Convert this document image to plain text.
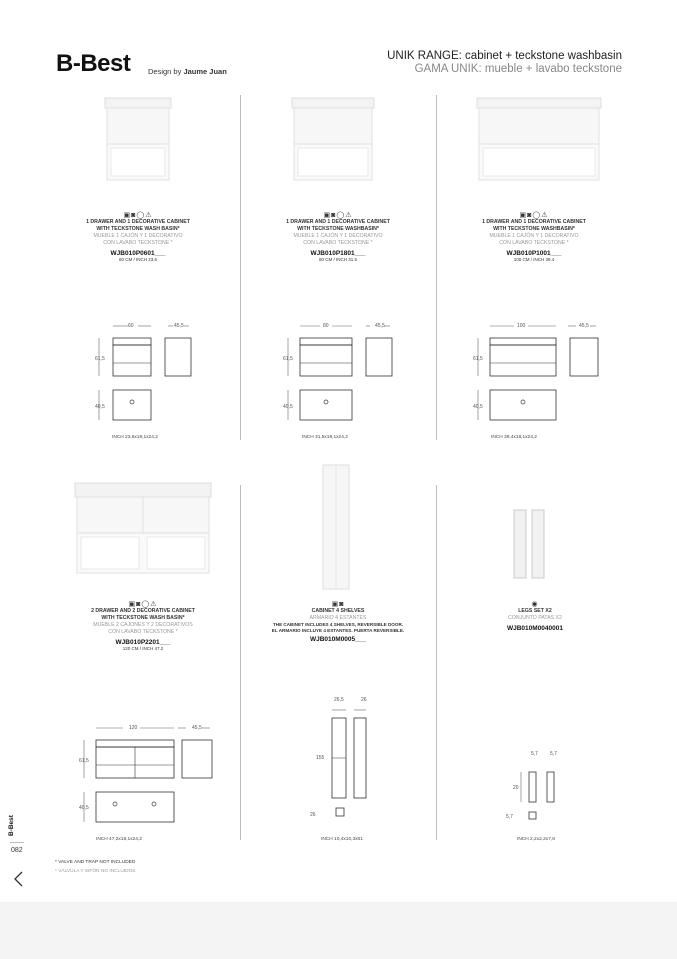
B-Best Design by Jaume Juan
UNIK RANGE: cabinet + teckstone washbasin
GAMA UNIK: mueble + lavabo teckstone
▣◙◯⚠
1 DRAWER AND 1 DECORATIVE CABINET
WITH TECKSTONE WASH BASIN*
MUEBLE 1 CAJÓN Y 1 DECORATIVO
CON LAVABO TECKSTONE *
WJB010P0601___
60 CM / INCH 23.6
60	45,5
61,5
40,5
INCH 23,6x18,1x24,2
▣◙◯⚠
1 DRAWER AND 1 DECORATIVE CABINET
WITH TECKSTONE WASHBASIN*
MUEBLE 1 CAJÓN Y 1 DECORATIVO
CON LAVABO TECKSTONE *
WJB010P1801___
80 CM / INCH 31.5
80	45,5
61,5
40,5
INCH 31,5x18,1x24,2
▣◙◯⚠
1 DRAWER AND 1 DECORATIVE CABINET
WITH TECKSTONE WASHBASIN*
MUEBLE 1 CAJÓN Y 1 DECORATIVO
CON LAVABO TECKSTONE *
WJB010P1001___
100 CM / INCH 39.4
100	45,5
61,5
40,5
INCH 39,4x18,1x24,2
▣◙◯⚠
2 DRAWER AND 2 DECORATIVE CABINET
WITH TECKSTONE WASH BASIN*
MUEBLE 2 CAJONES Y 2 DECORATIVOS
CON LAVABO TECKSTONE *
WJB010P2201___
120 CM / INCH 47.2
120	45,5
61,5
40,5
INCH 47,2x18,1x24,2
▣◙
CABINET 4 SHELVES
ARMARIO 4 ESTANTES
THE CABINET INCLUDES 4 SHELVES, REVERSIBLE DOOR.
EL ARMARIO INCLUYE 4 ESTANTES. PUERTA REVERSIBLE.
WJB010M0005___
26,5	26
155
26
INCH 10,4x10,3x61
◉
LEGS SET X2
CONJUNTO PATAS X2
WJB010M0040001
5,7 5,7
20
5,7
INCH 2,2x2,2x7,8
* VALVE AND TRAP NOT INCLUDED
* VÁLVULA Y SIFÓN NO INCLUIDOS
B-Best
082
